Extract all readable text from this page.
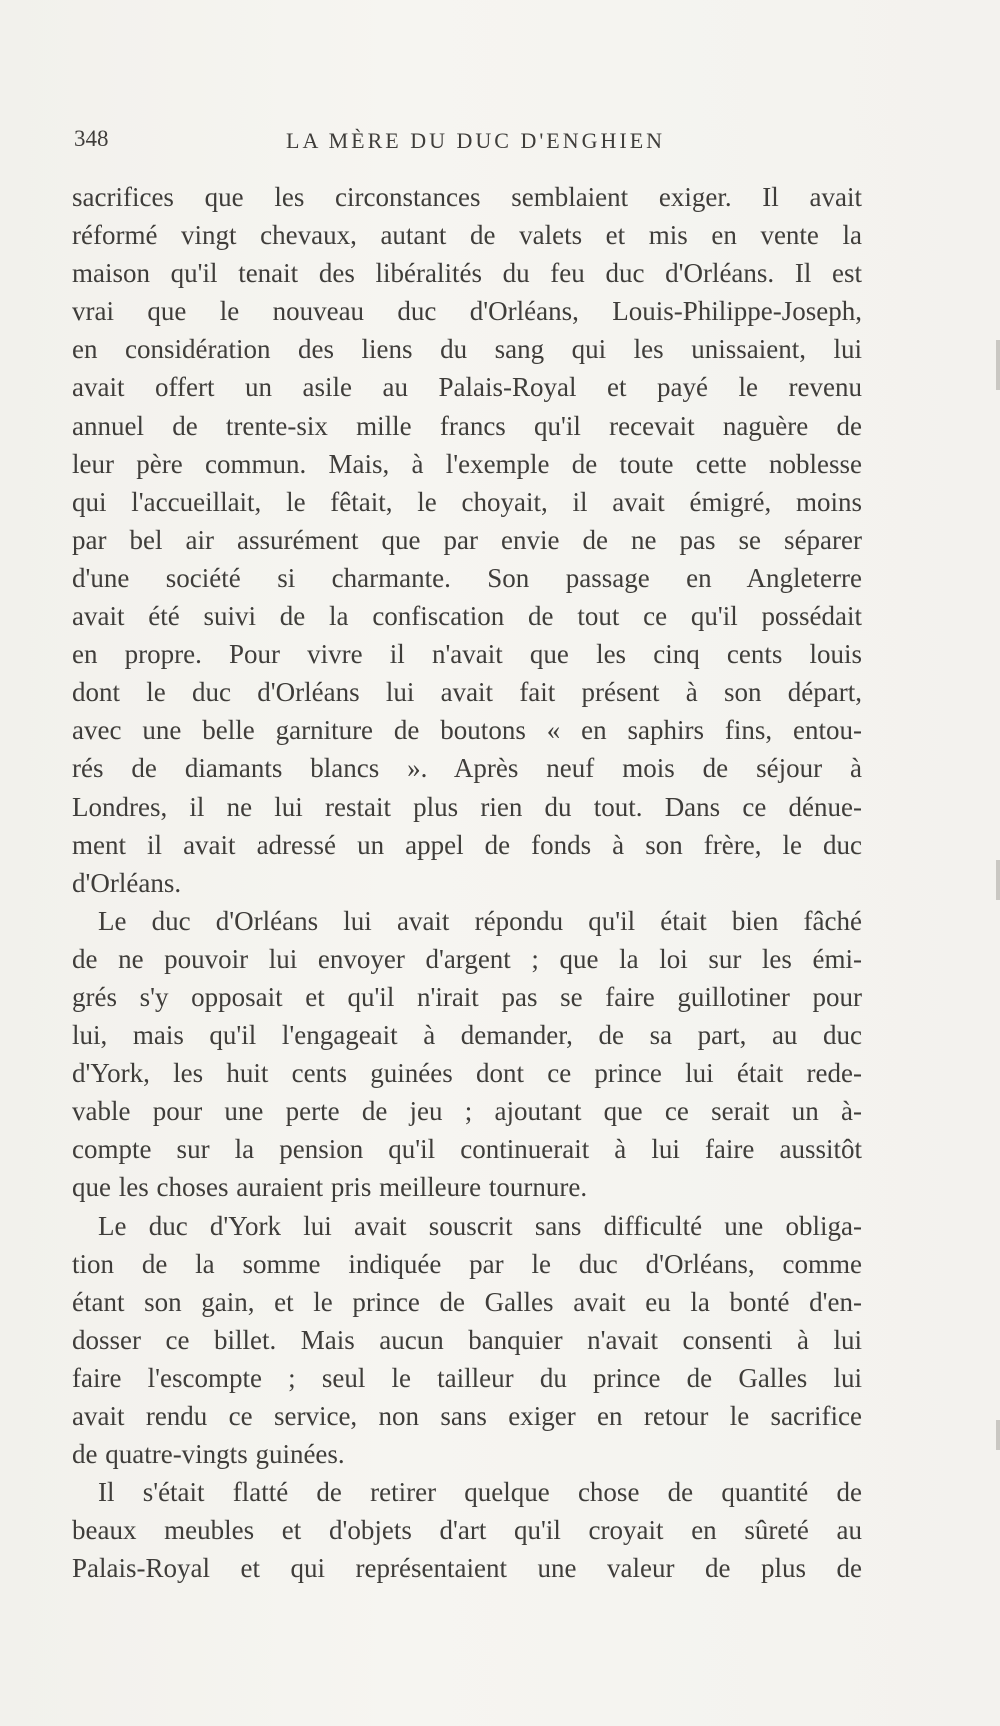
348	LA MÈRE DU DUC D'ENGHIEN
sacrifices que les circonstances semblaient exiger. Il avait
réformé vingt chevaux, autant de valets et mis en vente la
maison qu'il tenait des libéralités du feu duc d'Orléans. Il est
vrai que le nouveau duc d'Orléans, Louis-Philippe-Joseph,
en considération des liens du sang qui les unissaient, lui
avait offert un asile au Palais-Royal et payé le revenu
annuel de trente-six mille francs qu'il recevait naguère de
leur père commun. Mais, à l'exemple de toute cette noblesse
qui l'accueillait, le fêtait, le choyait, il avait émigré, moins
par bel air assurément que par envie de ne pas se séparer
d'une société si charmante. Son passage en Angleterre
avait été suivi de la confiscation de tout ce qu'il possédait
en propre. Pour vivre il n'avait que les cinq cents louis
dont le duc d'Orléans lui avait fait présent à son départ,
avec une belle garniture de boutons « en saphirs fins, entou-
rés de diamants blancs ». Après neuf mois de séjour à
Londres, il ne lui restait plus rien du tout. Dans ce dénue-
ment il avait adressé un appel de fonds à son frère, le duc
d'Orléans.
Le duc d'Orléans lui avait répondu qu'il était bien fâché
de ne pouvoir lui envoyer d'argent ; que la loi sur les émi-
grés s'y opposait et qu'il n'irait pas se faire guillotiner pour
lui, mais qu'il l'engageait à demander, de sa part, au duc
d'York, les huit cents guinées dont ce prince lui était rede-
vable pour une perte de jeu ; ajoutant que ce serait un à-
compte sur la pension qu'il continuerait à lui faire aussitôt
que les choses auraient pris meilleure tournure.
Le duc d'York lui avait souscrit sans difficulté une obliga-
tion de la somme indiquée par le duc d'Orléans, comme
étant son gain, et le prince de Galles avait eu la bonté d'en-
dosser ce billet. Mais aucun banquier n'avait consenti à lui
faire l'escompte ; seul le tailleur du prince de Galles lui
avait rendu ce service, non sans exiger en retour le sacrifice
de quatre-vingts guinées.
Il s'était flatté de retirer quelque chose de quantité de
beaux meubles et d'objets d'art qu'il croyait en sûreté au
Palais-Royal et qui représentaient une valeur de plus de
